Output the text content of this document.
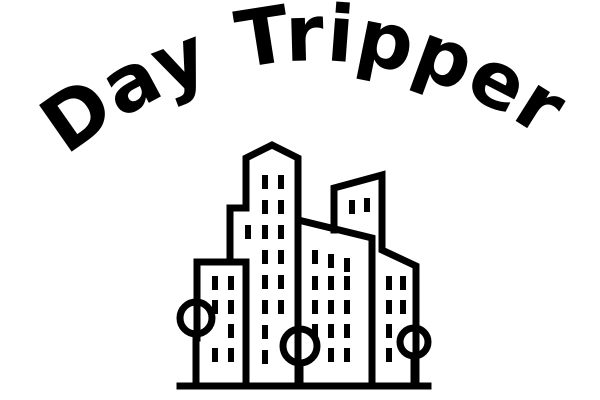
Day Tripper
